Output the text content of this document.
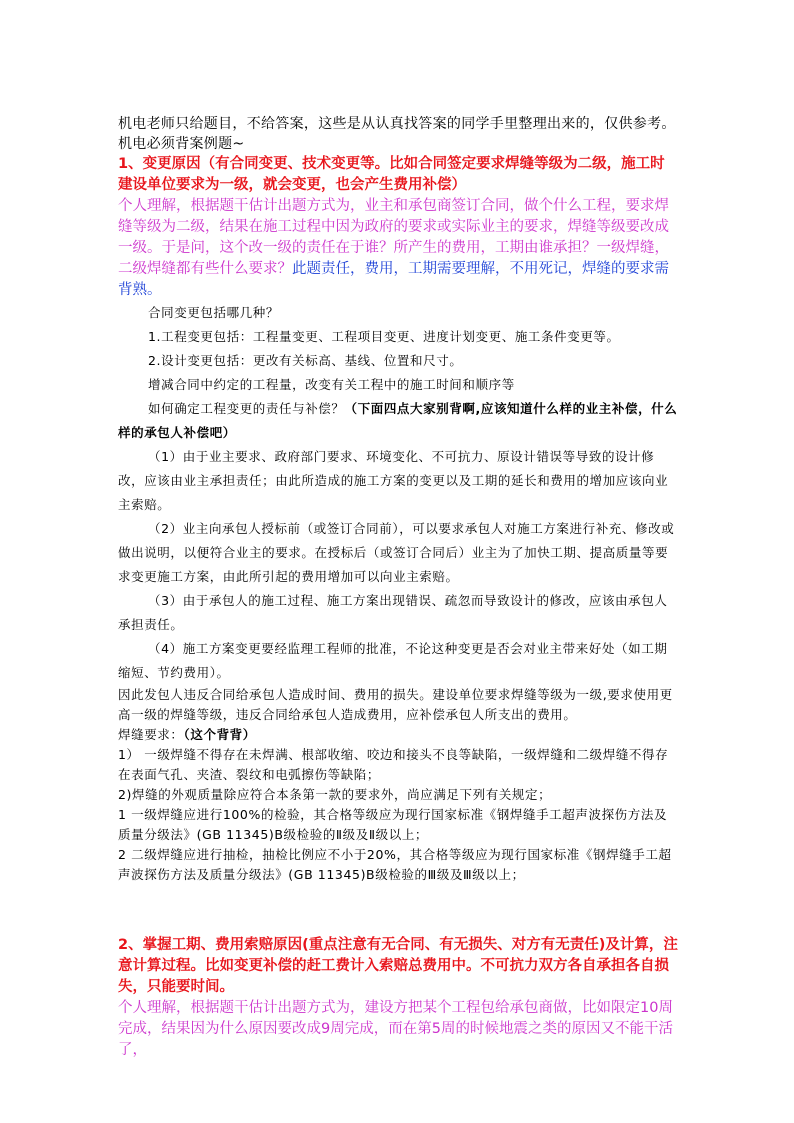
机电老师只给题目，不给答案，这些是从认真找答案的同学手里整理出来的，仅供参考。机电必须背案例题~

1、变更原因（有合同变更、技术变更等。比如合同签定要求焊缝等级为二级，施工时建设单位要求为一级，就会变更，也会产生费用补偿）

个人理解，根据题干估计出题方式为，业主和承包商签订合同，做个什么工程，要求焊缝等级为二级，结果在施工过程中因为政府的要求或实际业主的要求，焊缝等级要改成一级。于是问，这个改一级的责任在于谁？所产生的费用，工期由谁承担？一级焊缝，二级焊缝都有些什么要求？此题责任，费用，工期需要理解，不用死记，焊缝的要求需背熟。

合同变更包括哪几种？

1.工程变更包括：工程量变更、工程项目变更、进度计划变更、施工条件变更等。

2.设计变更包括：更改有关标高、基线、位置和尺寸。

增减合同中约定的工程量，改变有关工程中的施工时间和顺序等

如何确定工程变更的责任与补偿？（下面四点大家别背啊,应该知道什么样的业主补偿，什么样的承包人补偿吧）

（1）由于业主要求、政府部门要求、环境变化、不可抗力、原设计错误等导致的设计修改，应该由业主承担责任；由此所造成的施工方案的变更以及工期的延长和费用的增加应该向业主索赔。

（2）业主向承包人授标前（或签订合同前），可以要求承包人对施工方案进行补充、修改或做出说明，以便符合业主的要求。在授标后（或签订合同后）业主为了加快工期、提高质量等要求变更施工方案，由此所引起的费用增加可以向业主索赔。

（3）由于承包人的施工过程、施工方案出现错误、疏忽而导致设计的修改，应该由承包人承担责任。

（4）施工方案变更要经监理工程师的批准，不论这种变更是否会对业主带来好处（如工期缩短、节约费用）。

因此发包人违反合同给承包人造成时间、费用的损失。建设单位要求焊缝等级为一级,要求使用更高一级的焊缝等级，违反合同给承包人造成费用，应补偿承包人所支出的费用。

焊缝要求：（这个背背）

1） 一级焊缝不得存在未焊满、根部收缩、咬边和接头不良等缺陷，一级焊缝和二级焊缝不得存在表面气孔、夹渣、裂纹和电弧擦伤等缺陷；

2)焊缝的外观质量除应符合本条第一款的要求外，尚应满足下列有关规定；

1 一级焊缝应进行100%的检验，其合格等级应为现行国家标准《钢焊缝手工超声波探伤方法及质量分级法》(GB 11345)B级检验的Ⅱ级及Ⅱ级以上；

2 二级焊缝应进行抽检，抽检比例应不小于20%，其合格等级应为现行国家标准《钢焊缝手工超声波探伤方法及质量分级法》(GB 11345)B级检验的Ⅲ级及Ⅲ级以上；

2、掌握工期、费用索赔原因(重点注意有无合同、有无损失、对方有无责任)及计算，注意计算过程。比如变更补偿的赶工费计入索赔总费用中。不可抗力双方各自承担各自损失，只能要时间。

个人理解，根据题干估计出题方式为，建设方把某个工程包给承包商做，比如限定10周完成，结果因为什么原因要改成9周完成，而在第5周的时候地震之类的原因又不能干活了，
